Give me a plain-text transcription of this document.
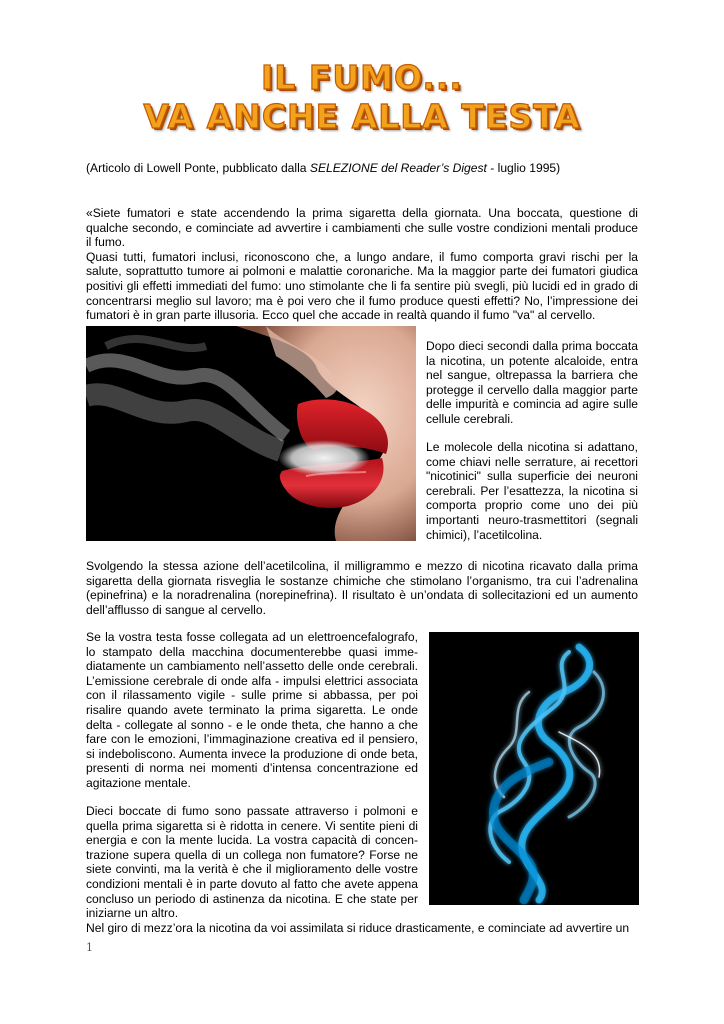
IL FUMO...
VA ANCHE ALLA TESTA

(Articolo di Lowell Ponte, pubblicato dalla SELEZIONE del Reader’s Digest - luglio 1995)

«Siete fumatori e state accendendo la prima sigaretta della giornata. Una boccata, questione di qualche secondo, e cominciate ad avvertire i cambiamenti che sulle vostre condizioni mentali produce il fumo.
Quasi tutti, fumatori inclusi, riconoscono che, a lungo andare, il fumo comporta gravi rischi per la salute, soprattutto tumore ai polmoni e malattie coronariche. Ma la maggior parte dei fumatori giudica positivi gli effetti immediati del fumo: uno stimolante che li fa sentire più svegli, più lucidi ed in grado di concentrarsi meglio sul lavoro; ma è poi vero che il fumo produce questi effetti? No, l’impressione dei fumatori è in gran parte illusoria. Ecco quel che accade in realtà quando il fumo "va" al cervello.
Dopo dieci secondi dalla prima boccata la nicotina, un potente alcaloide, entra nel sangue, oltrepassa la barriera che protegge il cervello dalla maggior parte delle impurità e comincia ad agire sulle cellule cerebrali.
Le molecole della nicotina si adattano, come chiavi nelle serrature, ai recettori "nicotinici" sulla superficie dei neuroni cerebrali. Per l’esattezza, la nicotina si comporta proprio come uno dei più importanti neuro-trasmettitori (segnali chimici), l’acetilcolina.
Svolgendo la stessa azione dell’acetilcolina, il milligrammo e mezzo di nicotina ricavato dalla prima sigaretta della giornata risveglia le sostanze chimiche che stimolano l’organismo, tra cui l’adrenalina (epinefrina) e la noradrenalina (norepinefrina). Il risultato è un’ondata di sollecitazioni ed un aumento dell’afflusso di sangue al cervello.
Se la vostra testa fosse collegata ad un elettroencefalografo, lo stampato della macchina documenterebbe quasi imme-diatamente un cambiamento nell’assetto delle onde cerebrali. L’emissione cerebrale di onde alfa - impulsi elettrici associata con il rilassamento vigile - sulle prime si abbassa, per poi risalire quando avete terminato la prima sigaretta. Le onde delta - collegate al sonno - e le onde theta, che hanno a che fare con le emozioni, l’immaginazione creativa ed il pensiero, si indeboliscono. Aumenta invece la produzione di onde beta, presenti di norma nei momenti d’intensa concentrazione ed agitazione mentale.
Dieci boccate di fumo sono passate attraverso i polmoni e quella prima sigaretta si è ridotta in cenere. Vi sentite pieni di energia e con la mente lucida. La vostra capacità di concen-trazione supera quella di un collega non fumatore? Forse ne siete convinti, ma la verità è che il miglioramento delle vostre condizioni mentali è in parte dovuto al fatto che avete appena concluso un periodo di astinenza da nicotina. E che state per iniziarne un altro.
Nel giro di mezz’ora la nicotina da voi assimilata si riduce drasticamente, e cominciate ad avvertire un
1
